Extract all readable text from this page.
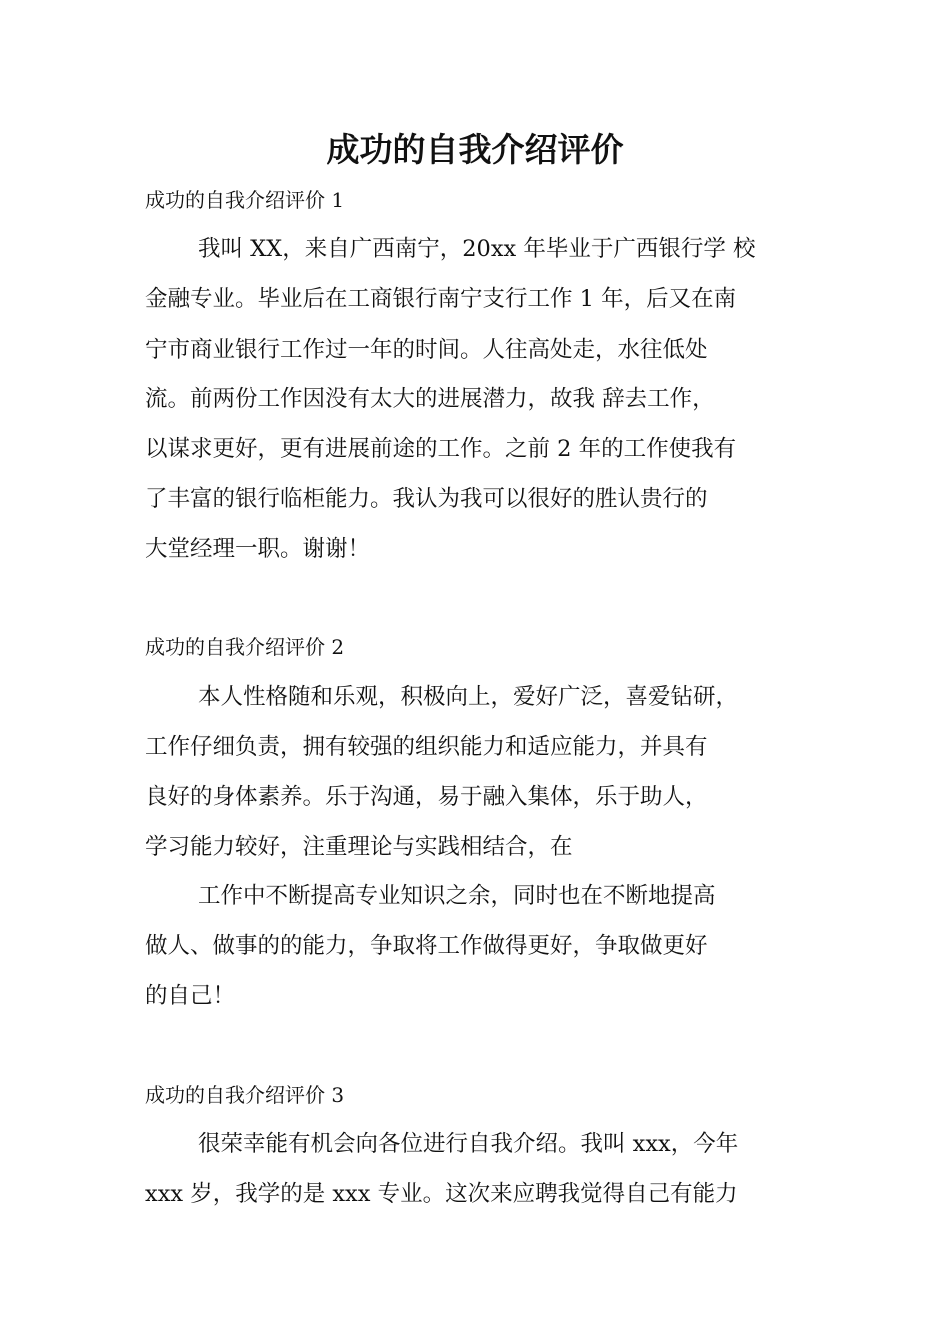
成功的自我介绍评价

成功的自我介绍评价 1

我叫 XX，来自广西南宁，20xx 年毕业于广西银行学 校

金融专业。毕业后在工商银行南宁支行工作 1 年，后又在南

宁市商业银行工作过一年的时间。人往高处走，水往低处

流。前两份工作因没有太大的进展潜力，故我 辞去工作，

以谋求更好，更有进展前途的工作。之前 2 年的工作使我有

了丰富的银行临柜能力。我认为我可以很好的胜认贵行的

大堂经理一职。谢谢！

成功的自我介绍评价 2

本人性格随和乐观，积极向上，爱好广泛，喜爱钻研，

工作仔细负责，拥有较强的组织能力和适应能力，并具有

良好的身体素养。乐于沟通，易于融入集体，乐于助人，

学习能力较好，注重理论与实践相结合，在

工作中不断提高专业知识之余，同时也在不断地提高

做人、做事的的能力，争取将工作做得更好，争取做更好

的自己！

成功的自我介绍评价 3

很荣幸能有机会向各位进行自我介绍。我叫 xxx，今年

xxx 岁，我学的是 xxx 专业。这次来应聘我觉得自己有能力
